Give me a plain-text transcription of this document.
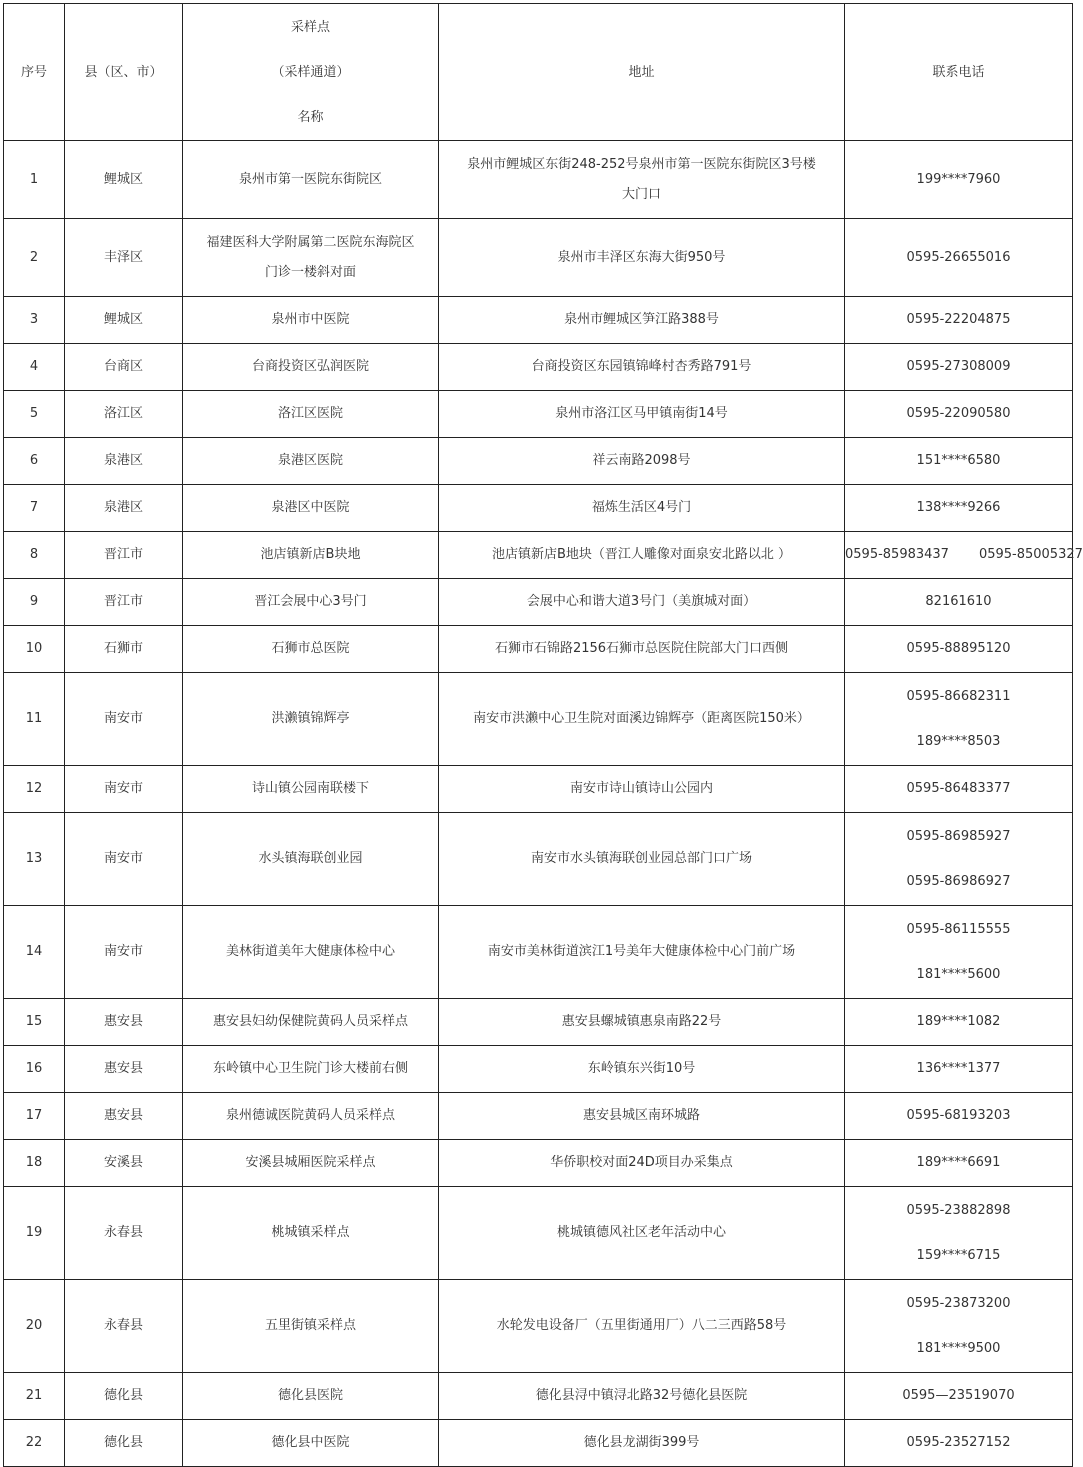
序号	县（区、市）	采样点
（采样通道）
名称	地址	联系电话
1	鲤城区	泉州市第一医院东街院区	泉州市鲤城区东街248-252号泉州市第一医院东街院区3号楼
大门口	199****7960

2	丰泽区	福建医科大学附属第二医院东海院区
门诊一楼斜对面	泉州市丰泽区东海大街950号	0595-26655016

3	鲤城区	泉州市中医院	泉州市鲤城区笋江路388号	0595-22204875

4	台商区	台商投资区弘润医院	台商投资区东园镇锦峰村杏秀路791号	0595-27308009

5	洛江区	洛江区医院	泉州市洛江区马甲镇南街14号	0595-22090580

6	泉港区	泉港区医院	祥云南路2098号	151****6580

7	泉港区	泉港区中医院	福炼生活区4号门	138****9266

8	晋江市	池店镇新店B块地	池店镇新店B地块（晋江人雕像对面泉安北路以北 ）	0595-85983437 0595-85005327
9	晋江市	晋江会展中心3号门	会展中心和谐大道3号门（美旗城对面）	82161610

10	石狮市	石狮市总医院	石狮市石锦路2156石狮市总医院住院部大门口西侧	0595-88895120

11	南安市	洪濑镇锦辉亭	南安市洪濑中心卫生院对面溪边锦辉亭（距离医院150米）	0595-86682311
189****8503

12	南安市	诗山镇公园南联楼下	南安市诗山镇诗山公园内	0595-86483377

13	南安市	水头镇海联创业园	南安市水头镇海联创业园总部门口广场	0595-86985927
0595-86986927

14	南安市	美林街道美年大健康体检中心	南安市美林街道滨江1号美年大健康体检中心门前广场	0595-86115555
181****5600

15	惠安县	惠安县妇幼保健院黄码人员采样点	惠安县螺城镇惠泉南路22号	189****1082

16	惠安县	东岭镇中心卫生院门诊大楼前右侧	东岭镇东兴街10号	136****1377

17	惠安县	泉州德诚医院黄码人员采样点	惠安县城区南环城路	0595-68193203

18	安溪县	安溪县城厢医院采样点	华侨职校对面24D项目办采集点	189****6691

19	永春县	桃城镇采样点	桃城镇德风社区老年活动中心	0595-23882898
159****6715

20	永春县	五里街镇采样点	水轮发电设备厂（五里街通用厂）八二三西路58号	0595-23873200
181****9500

21	德化县	德化县医院	德化县浔中镇浔北路32号德化县医院	0595—23519070

22	德化县	德化县中医院	德化县龙湖街399号	0595-23527152
